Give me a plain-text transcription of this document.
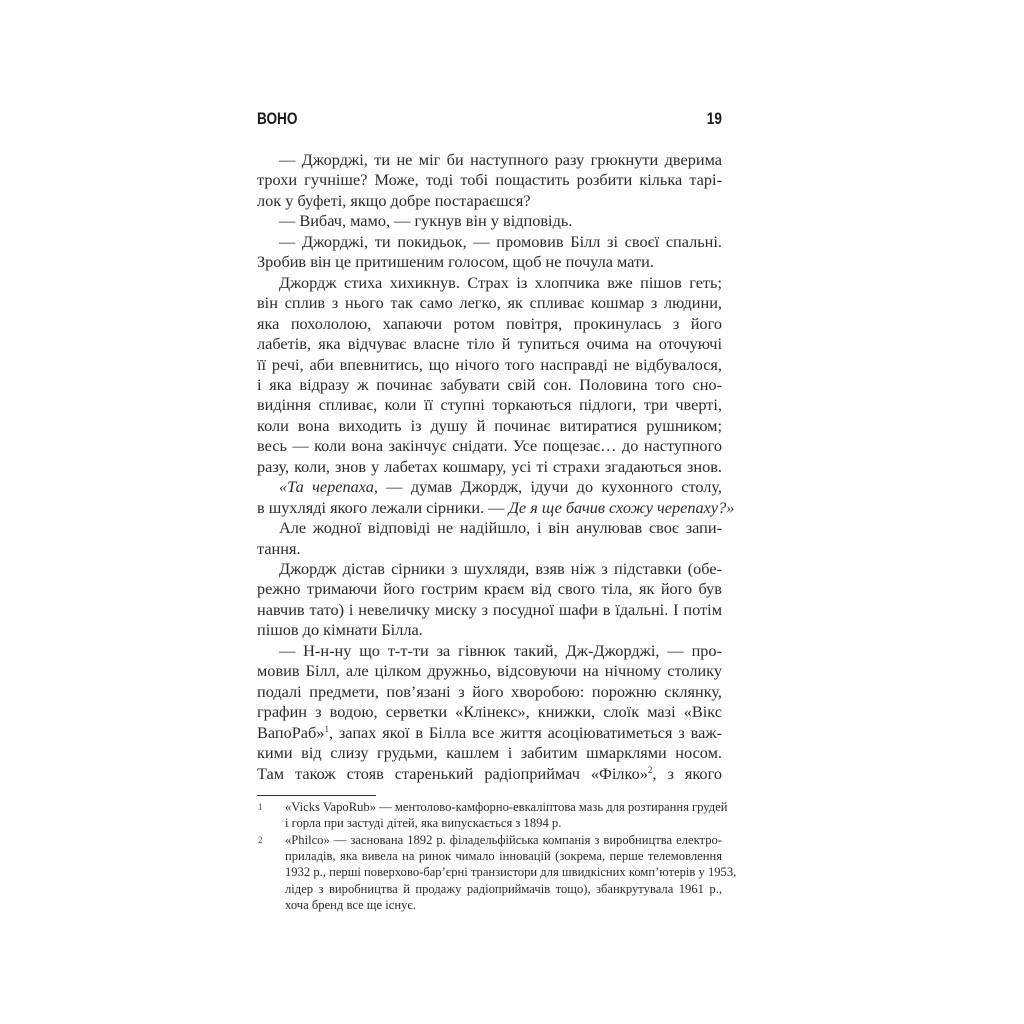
ВОНО	19
— Джорджі, ти не міг би наступного разу грюкнути дверима
трохи гучніше? Може, тоді тобі пощастить розбити кілька тарі-
лок у буфеті, якщо добре постараєшся?
— Вибач, мамо, — гукнув він у відповідь.
— Джорджі, ти покидьок, — промовив Білл зі своєї спальні.
Зробив він це притишеним голосом, щоб не почула мати.
Джордж стиха хихикнув. Страх із хлопчика вже пішов геть;
він сплив з нього так само легко, як спливає кошмар з людини,
яка похололою, хапаючи ротом повітря, прокинулась з його
лабетів, яка відчуває власне тіло й тупиться очима на оточуючі
її речі, аби впевнитись, що нічого того насправді не відбувалося,
і яка відразу ж починає забувати свій сон. Половина того сно-
видіння спливає, коли її ступні торкаються підлоги, три чверті,
коли вона виходить із душу й починає витиратися рушником;
весь — коли вона закінчує снідати. Усе пощезає… до наступного
разу, коли, знов у лабетах кошмару, усі ті страхи згадаються знов.
«Та черепаха, — думав Джордж, ідучи до кухонного столу,
в шухляді якого лежали сірники. — Де я ще бачив схожу черепаху?»
Але жодної відповіді не надійшло, і він анулював своє запи-
тання.
Джордж дістав сірники з шухляди, взяв ніж з підставки (обе-
режно тримаючи його гострим краєм від свого тіла, як його був
навчив тато) і невеличку миску з посудної шафи в їдальні. І потім
пішов до кімнати Білла.
— Н-н-ну що т-т-ти за гівнюк такий, Дж-Джорджі, — про-
мовив Білл, але цілком дружньо, відсовуючи на нічному столику
подалі предмети, пов’язані з його хворобою: порожню склянку,
графин з водою, серветки «Клінекс», книжки, слоїк мазі «Вікс
ВапоРаб»$^1$, запах якої в Білла все життя асоціюватиметься з важ-
кими від слизу грудьми, кашлем і забитим шмарклями носом.
Там також стояв старенький радіоприймач «Філко»$^2$, з якого
1 «Vicks VapoRub» — ментолово-камфорно-евкаліптова мазь для розтирання грудей
і горла при застуді дітей, яка випускається з 1894 р.
2 «Philco» — заснована 1892 р. філадельфійська компанія з виробництва електро-
приладів, яка вивела на ринок чимало інновацій (зокрема, перше телемовлення
1932 р., перші поверхово-бар’єрні транзистори для швидкісних комп’ютерів у 1953,
лідер з виробництва й продажу радіоприймачів тощо), збанкрутувала 1961 р.,
хоча бренд все ще існує.
